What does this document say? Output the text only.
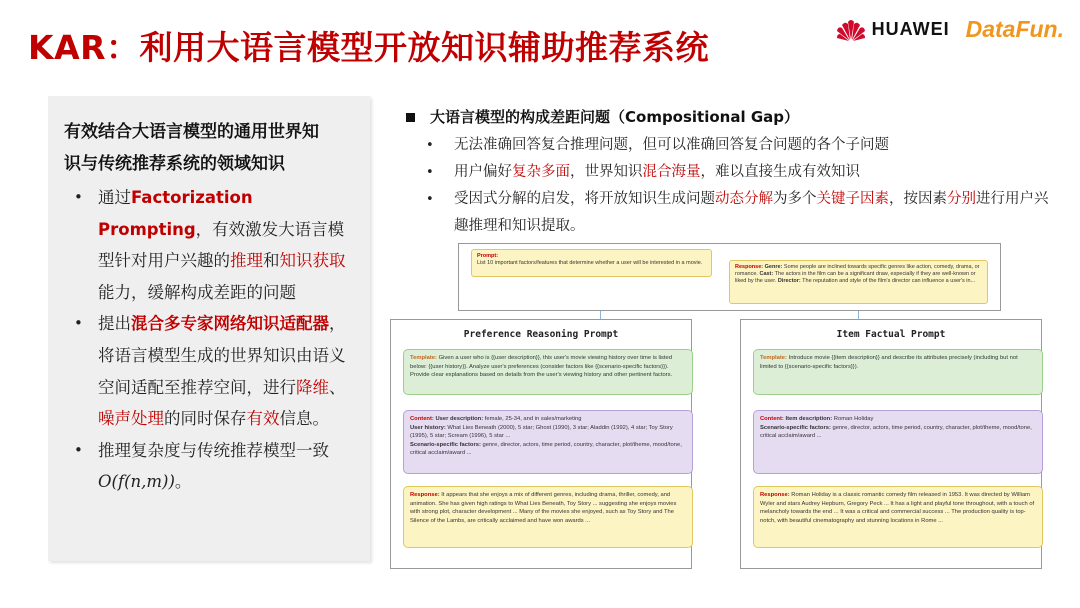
KAR：利用大语言模型开放知识辅助推荐系统	HUAWEI DataFun.
有效结合大语言模型的通用世界知
识与传统推荐系统的领域知识
• 通过Factorization Prompting，有效激发大语言模型针对用户兴趣的推理和知识获取能力，缓解构成差距的问题
• 提出混合多专家网络知识适配器，将语言模型生成的世界知识由语义空间适配至推荐空间，进行降维、噪声处理的同时保存有效信息。
• 推理复杂度与传统推荐模型一致
O(f(n,m))。
大语言模型的构成差距问题（Compositional Gap）
• 无法准确回答复合推理问题，但可以准确回答复合问题的各个子问题
• 用户偏好复杂多面，世界知识混合海量，难以直接生成有效知识
• 受因式分解的启发，将开放知识生成问题动态分解为多个关键子因素，按因素分别进行用户兴趣推理和知识提取。
Prompt:
List 10 important factors/features that determine whether a user will be interested in a movie.
Response: Genre: Some people are inclined towards specific genres like action, comedy, drama, or romance. Cast: The actors in the film can be a significant draw, especially if they are well-known or liked by the user. Director: The reputation and style of the film's director can influence a user's in...
Preference Reasoning Prompt
Template: Given a user who is {{user description}}, this user's movie viewing history over time is listed below: {{user history}}. Analyze user's preferences (consider factors like {{scenario-specific factors}}). Provide clear explanations based on details from the user's viewing history and other pertinent factors.
Content: User description: female, 25-34, and in sales/marketing
User history: What Lies Beneath (2000), 5 star; Ghost (1990), 3 star; Aladdin (1992), 4 star; Toy Story (1995), 5 star; Scream (1996), 5 star ...
Scenario-specific factors: genre, director, actors, time period, country, character, plot/theme, mood/tone, critical acclaim/award ...
Response: It appears that she enjoys a mix of different genres, including drama, thriller, comedy, and animation. She has given high ratings to What Lies Beneath, Toy Story ... suggesting she enjoys movies with strong plot, character development ... Many of the movies she enjoyed, such as Toy Story and The Silence of the Lambs, are critically acclaimed and have won awards ...
Item Factual Prompt
Template: Introduce movie {{item description}} and describe its attributes precisely (including but not limited to {{scenario-specific factors}}).
Content: Item description: Roman Holiday
Scenario-specific factors: genre, director, actors, time period, country, character, plot/theme, mood/tone, critical acclaim/award ...
Response: Roman Holiday is a classic romantic comedy film released in 1953. It was directed by William Wyler and stars Audrey Hepburn, Gregory Peck ... It has a light and playful tone throughout, with a touch of melancholy towards the end ... It was a critical and commercial success ... The production quality is top-notch, with beautiful cinematography and stunning locations in Rome ...
